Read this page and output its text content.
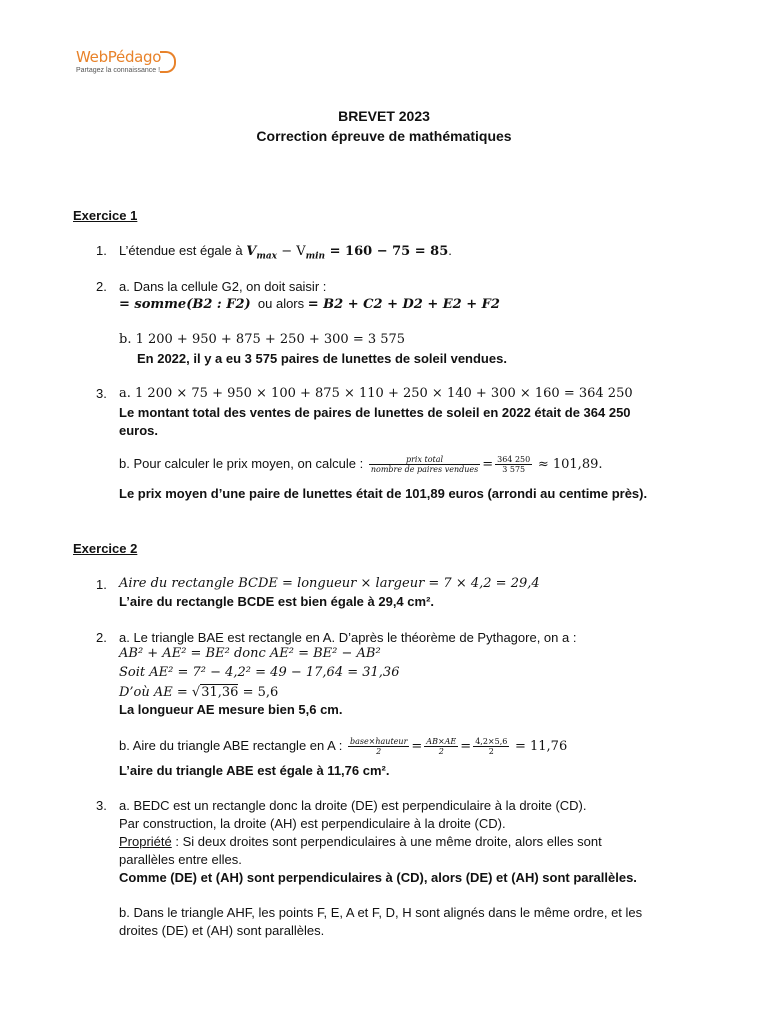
WebPédago
Partagez la connaissance !
BREVET 2023
Correction épreuve de mathématiques
Exercice 1
1. L’étendue est égale à $V_{max} - V_{min} = 160 - 75 = 85$.
2. a. Dans la cellule G2, on doit saisir :
= somme(B2 : F2) ou alors = B2 + C2 + D2 + E2 + F2
b. 1 200 + 950 + 875 + 250 + 300 = 3 575
En 2022, il y a eu 3 575 paires de lunettes de soleil vendues.
3. a. 1 200 × 75 + 950 × 100 + 875 × 110 + 250 × 140 + 300 × 160 = 364 250
Le montant total des ventes de paires de lunettes de soleil en 2022 était de 364 250
euros.
b. Pour calculer le prix moyen, on calcule : $\frac{\text{prix total}}{\text{nombre de paires vendues}} = \frac{364 250}{3 575} \approx 101,89$.
Le prix moyen d’une paire de lunettes était de 101,89 euros (arrondi au centime près).
Exercice 2
1. Aire du rectangle BCDE = longueur × largeur = 7 × 4,2 = 29,4
L’aire du rectangle BCDE est bien égale à 29,4 cm².
2. a. Le triangle BAE est rectangle en A. D’après le théorème de Pythagore, on a :
AB² + AE² = BE² donc AE² = BE² − AB²
Soit AE² = 7² − 4,2² = 49 − 17,64 = 31,36
D’où AE = √31,36 = 5,6
La longueur AE mesure bien 5,6 cm.
b. Aire du triangle ABE rectangle en A : $\frac{\text{base×hauteur}}{2} = \frac{AB\times AE}{2} = \frac{4,2\times 5,6}{2} = 11,76$
L’aire du triangle ABE est égale à 11,76 cm².
3. a. BEDC est un rectangle donc la droite (DE) est perpendiculaire à la droite (CD).
Par construction, la droite (AH) est perpendiculaire à la droite (CD).
Propriété : Si deux droites sont perpendiculaires à une même droite, alors elles sont
parallèles entre elles.
Comme (DE) et (AH) sont perpendiculaires à (CD), alors (DE) et (AH) sont parallèles.
b. Dans le triangle AHF, les points F, E, A et F, D, H sont alignés dans le même ordre, et les
droites (DE) et (AH) sont parallèles.
